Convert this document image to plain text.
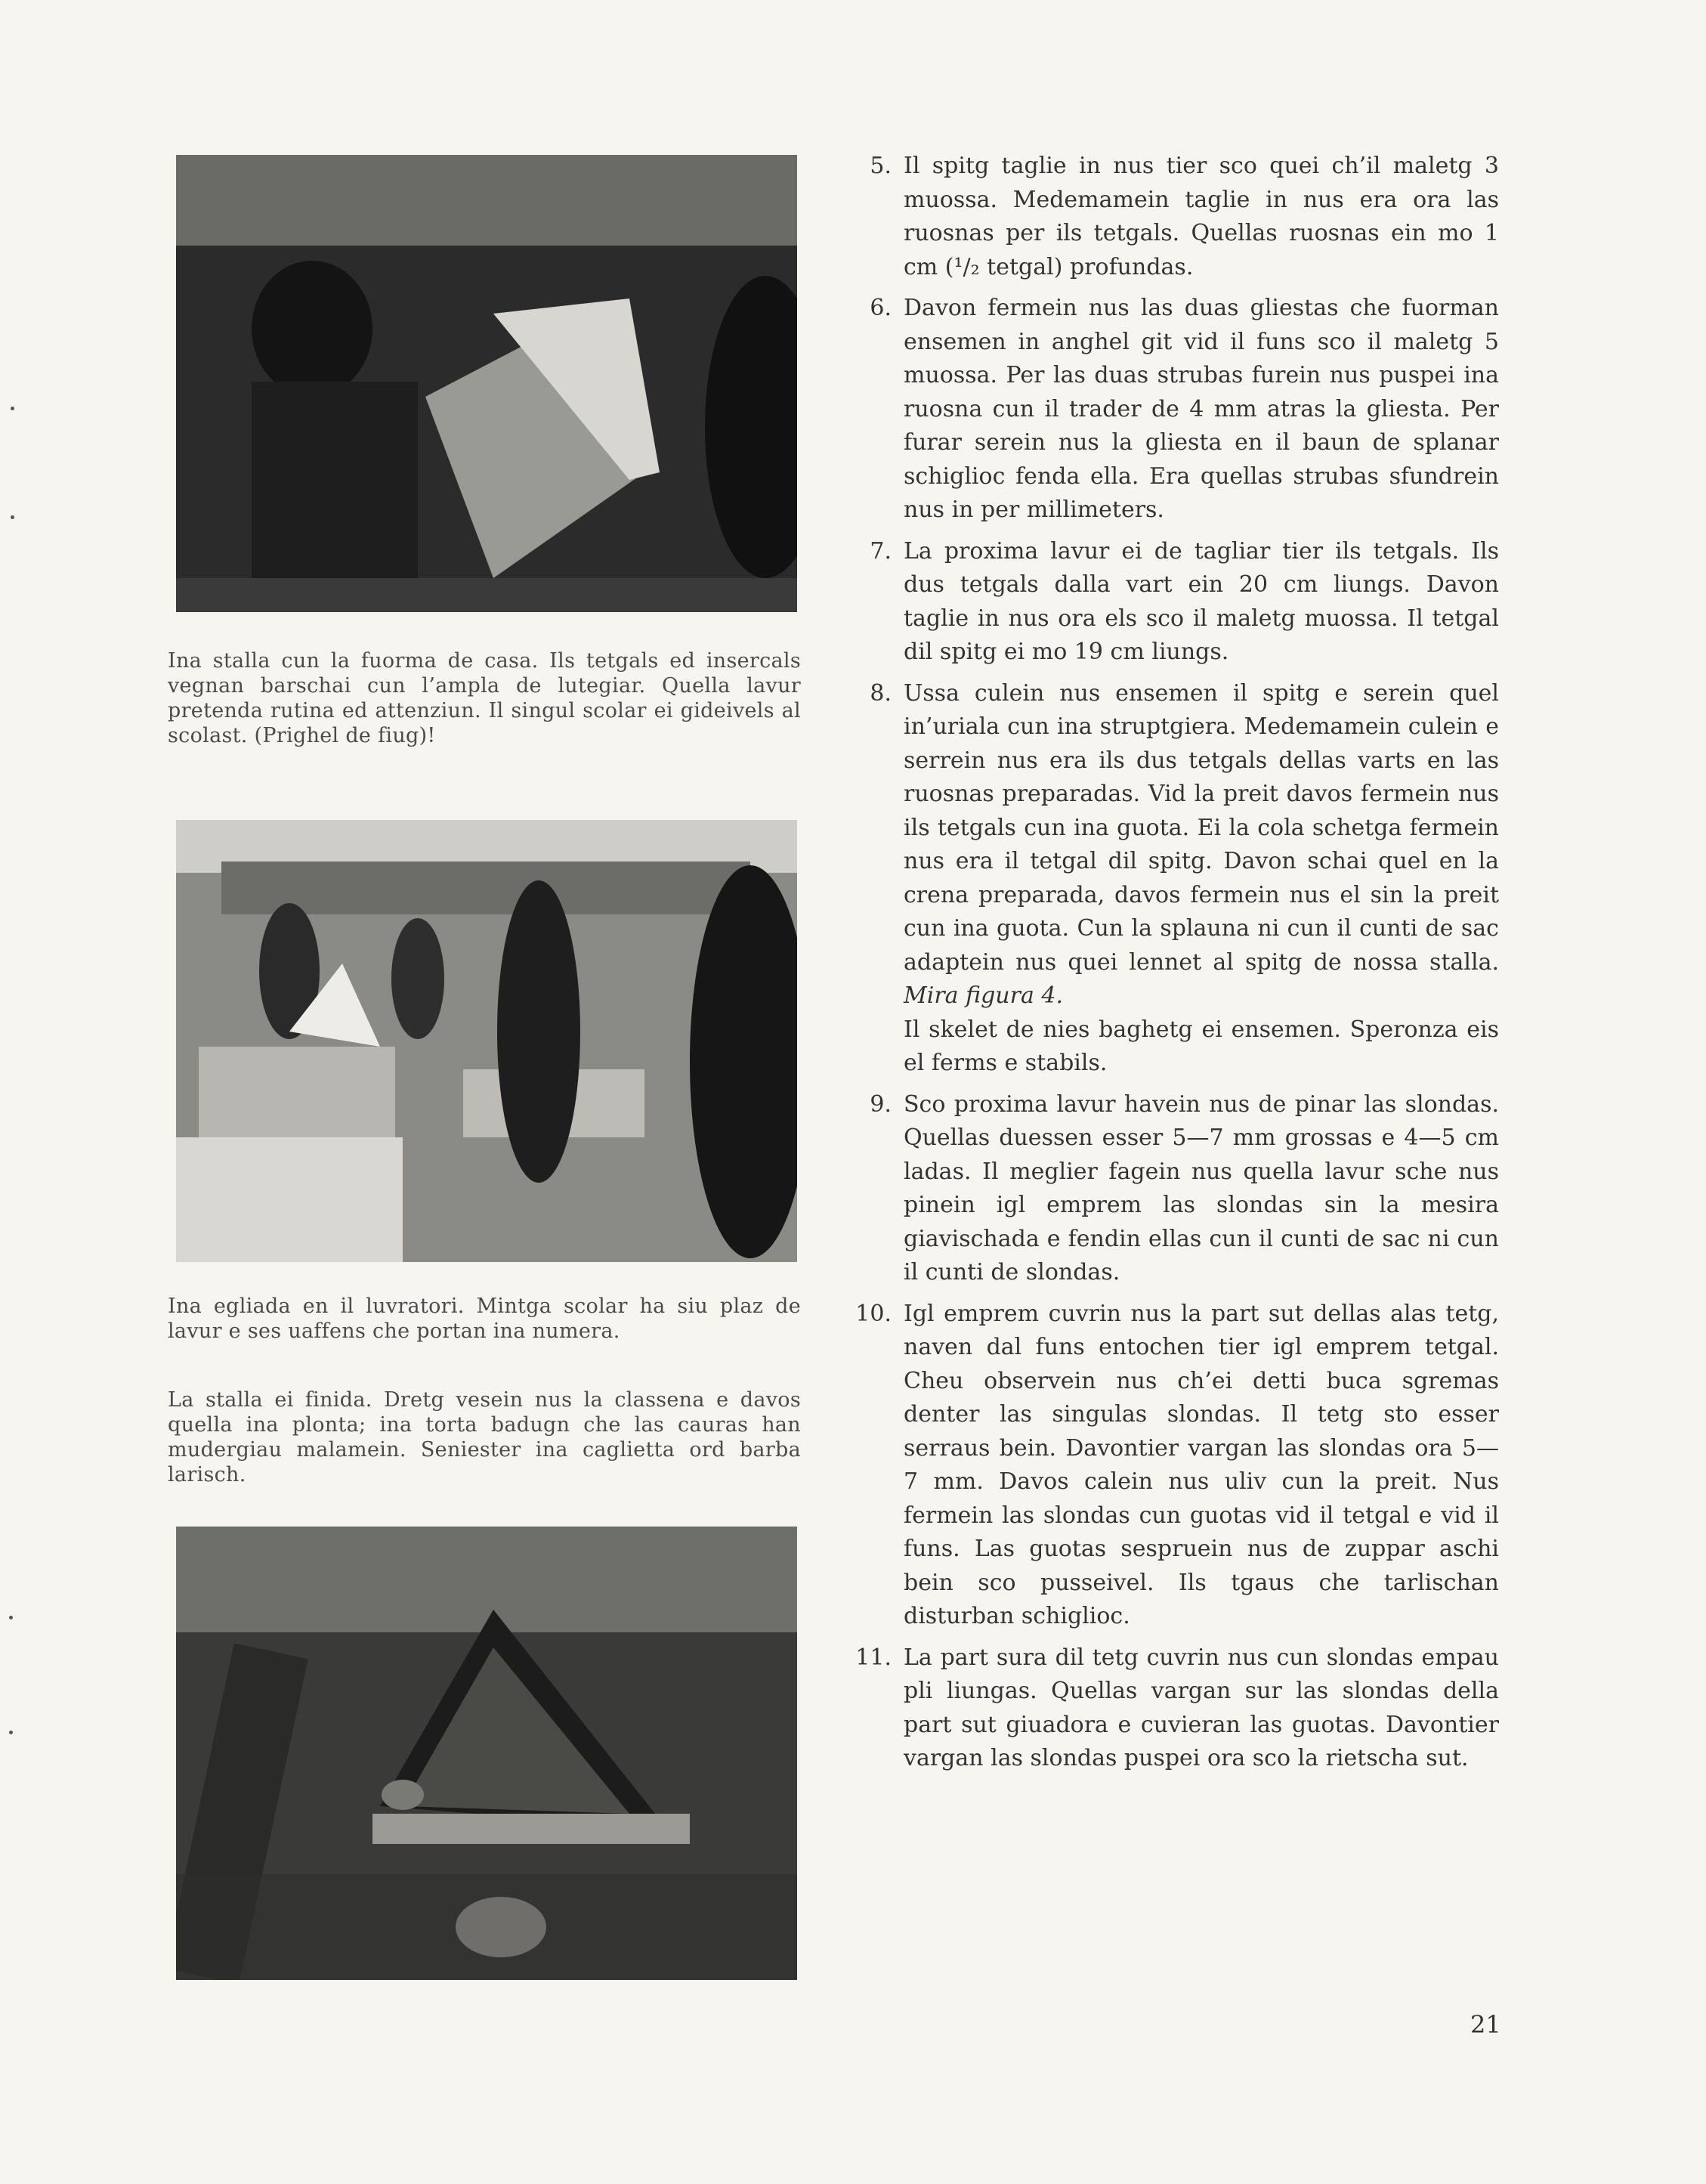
Ina stalla cun la fuorma de casa. Ils tetgals ed insercals vegnan barschai cun l’ampla de lutegiar. Quella lavur pretenda rutina ed attenziun. Il singul scolar ei gideivels al scolast. (Prighel de fiug)!
Ina egliada en il luvratori. Mintga scolar ha siu plaz de lavur e ses uaffens che portan ina numera.
La stalla ei finida. Dretg vesein nus la classena e davos quella ina plonta; ina torta badugn che las cauras han mudergiau malamein. Seniester ina caglietta ord barba larisch.
5. Il spitg taglie in nus tier sco quei ch’il maletg 3 muossa. Medemamein taglie in nus era ora las ruosnas per ils tetgals. Quellas ruosnas ein mo 1 cm (¹/₂ tetgal) profundas.
6. Davon fermein nus las duas gliestas che fuorman ensemen in anghel git vid il funs sco il maletg 5 muossa. Per las duas strubas furein nus puspei ina ruosna cun il trader de 4 mm atras la gliesta. Per furar serein nus la gliesta en il baun de splanar schiglioc fenda ella. Era quellas strubas sfundrein nus in per millimeters.
7. La proxima lavur ei de tagliar tier ils tetgals. Ils dus tetgals dalla vart ein 20 cm liungs. Davon taglie in nus ora els sco il maletg muossa. Il tetgal dil spitg ei mo 19 cm liungs.
8. Ussa culein nus ensemen il spitg e serein quel in’uriala cun ina struptgiera. Medemamein culein e serrein nus era ils dus tetgals dellas varts en las ruosnas preparadas. Vid la preit davos fermein nus ils tetgals cun ina guota. Ei la cola schetga fermein nus era il tetgal dil spitg. Davon schai quel en la crena preparada, davos fermein nus el sin la preit cun ina guota. Cun la splauna ni cun il cunti de sac adaptein nus quei lennet al spitg de nossa stalla. Mira figura 4.
Il skelet de nies baghetg ei ensemen. Speronza eis el ferms e stabils.
9. Sco proxima lavur havein nus de pinar las slondas. Quellas duessen esser 5—7 mm grossas e 4—5 cm ladas. Il meglier fagein nus quella lavur sche nus pinein igl emprem las slondas sin la mesira giavischada e fendin ellas cun il cunti de sac ni cun il cunti de slondas.
10. Igl emprem cuvrin nus la part sut dellas alas tetg, naven dal funs entochen tier igl emprem tetgal. Cheu observein nus ch’ei detti buca sgremas denter las singulas slondas. Il tetg sto esser serraus bein. Davontier vargan las slondas ora 5—7 mm. Davos calein nus uliv cun la preit. Nus fermein las slondas cun guotas vid il tetgal e vid il funs. Las guotas sespruein nus de zuppar aschi bein sco pusseivel. Ils tgaus che tarlischan disturban schiglioc.
11. La part sura dil tetg cuvrin nus cun slondas empau pli liungas. Quellas vargan sur las slondas della part sut giuadora e cuvieran las guotas. Davontier vargan las slondas puspei ora sco la rietscha sut.
21
